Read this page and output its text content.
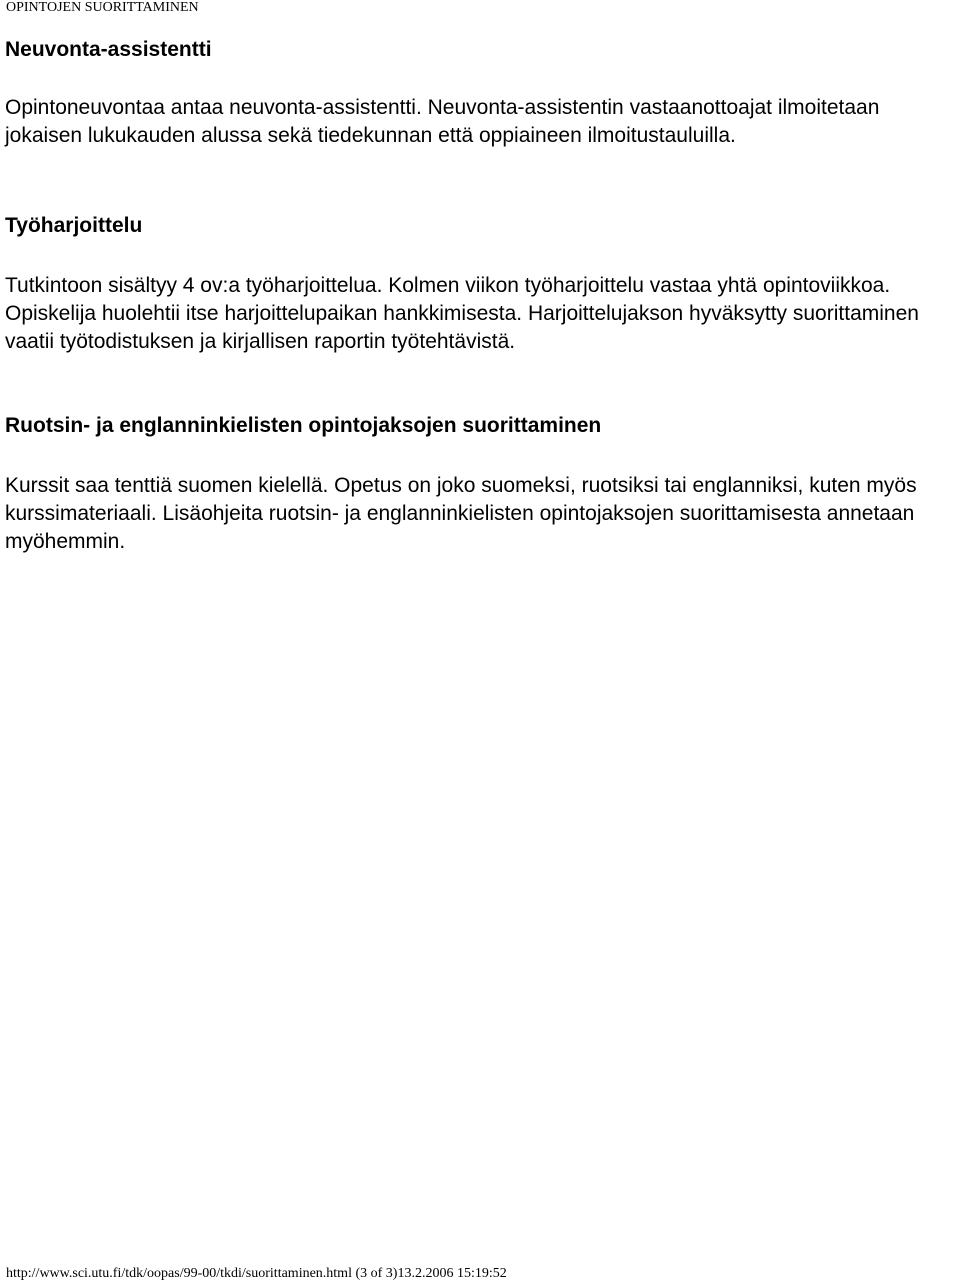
OPINTOJEN SUORITTAMINEN
Neuvonta-assistentti

Opintoneuvontaa antaa neuvonta-assistentti. Neuvonta-assistentin vastaanottoajat ilmoitetaan jokaisen lukukauden alussa sekä tiedekunnan että oppiaineen ilmoitustauluilla.

Työharjoittelu

Tutkintoon sisältyy 4 ov:a työharjoittelua. Kolmen viikon työharjoittelu vastaa yhtä opintoviikkoa. Opiskelija huolehtii itse harjoittelupaikan hankkimisesta. Harjoittelujakson hyväksytty suorittaminen vaatii työtodistuksen ja kirjallisen raportin työtehtävistä.

Ruotsin- ja englanninkielisten opintojaksojen suorittaminen

Kurssit saa tenttiä suomen kielellä. Opetus on joko suomeksi, ruotsiksi tai englanniksi, kuten myös kurssimateriaali. Lisäohjeita ruotsin- ja englanninkielisten opintojaksojen suorittamisesta annetaan myöhemmin.

http://www.sci.utu.fi/tdk/oopas/99-00/tkdi/suorittaminen.html (3 of 3)13.2.2006 15:19:52
